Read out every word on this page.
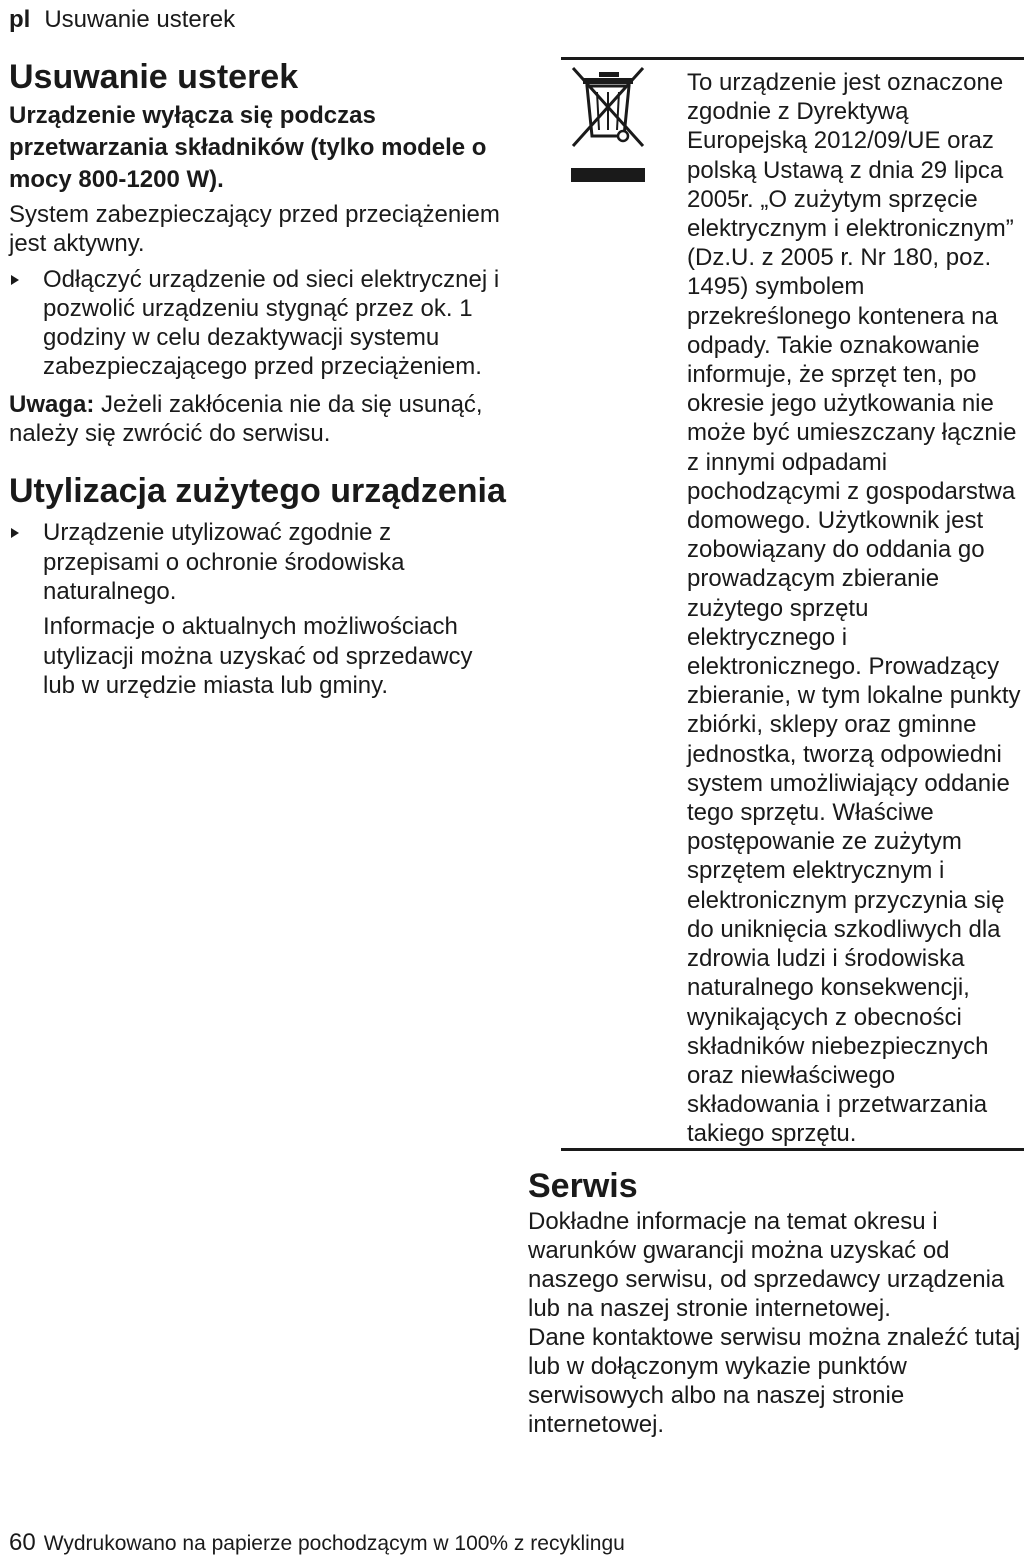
pl Usuwanie usterek
Usuwanie usterek
Urządzenie wyłącza się podczas przetwarzania składników (tylko modele o mocy 800-1200 W).

System zabezpieczający przed przeciążeniem jest aktywny.

Odłączyć urządzenie od sieci elektrycznej i pozwolić urządzeniu stygnąć przez ok. 1 godziny w celu dezaktywacji systemu zabezpieczającego przed przeciążeniem.
Uwaga: Jeżeli zakłócenia nie da się usunąć, należy się zwrócić do serwisu.
Utylizacja zużytego urządzenia
Urządzenie utylizować zgodnie z przepisami o ochronie środowiska naturalnego.
Informacje o aktualnych możliwościach utylizacji można uzyskać od sprzedawcy lub w urzędzie miasta lub gminy.
To urządzenie jest oznaczone zgodnie z Dyrektywą Europejską 2012/09/UE oraz polską Ustawą z dnia 29 lipca 2005r. „O zużytym sprzęcie elektrycznym i elektronicznym” (Dz.U. z 2005 r. Nr 180, poz. 1495) symbolem przekreślonego kontenera na odpady. Takie oznakowanie informuje, że sprzęt ten, po okresie jego użytkowania nie może być umieszczany łącznie z innymi odpadami pochodzącymi z gospodarstwa domowego. Użytkownik jest zobowiązany do oddania go prowadzącym zbieranie zużytego sprzętu elektrycznego i elektronicznego. Prowadzący zbieranie, w tym lokalne punkty zbiórki, sklepy oraz gminne jednostka, tworzą odpowiedni system umożliwiający oddanie tego sprzętu. Właściwe postępowanie ze zużytym sprzętem elektrycznym i elektronicznym przyczynia się do uniknięcia szkodliwych dla zdrowia ludzi i środowiska naturalnego konsekwencji, wynikających z obecności składników niebezpiecznych oraz niewłaściwego składowania i przetwarzania takiego sprzętu.
Serwis

Dokładne informacje na temat okresu i warunków gwarancji można uzyskać od naszego serwisu, od sprzedawcy urządzenia lub na naszej stronie internetowej.

Dane kontaktowe serwisu można znaleźć tutaj lub w dołączonym wykazie punktów serwisowych albo na naszej stronie internetowej.

60 Wydrukowano na papierze pochodzącym w 100% z recyklingu
